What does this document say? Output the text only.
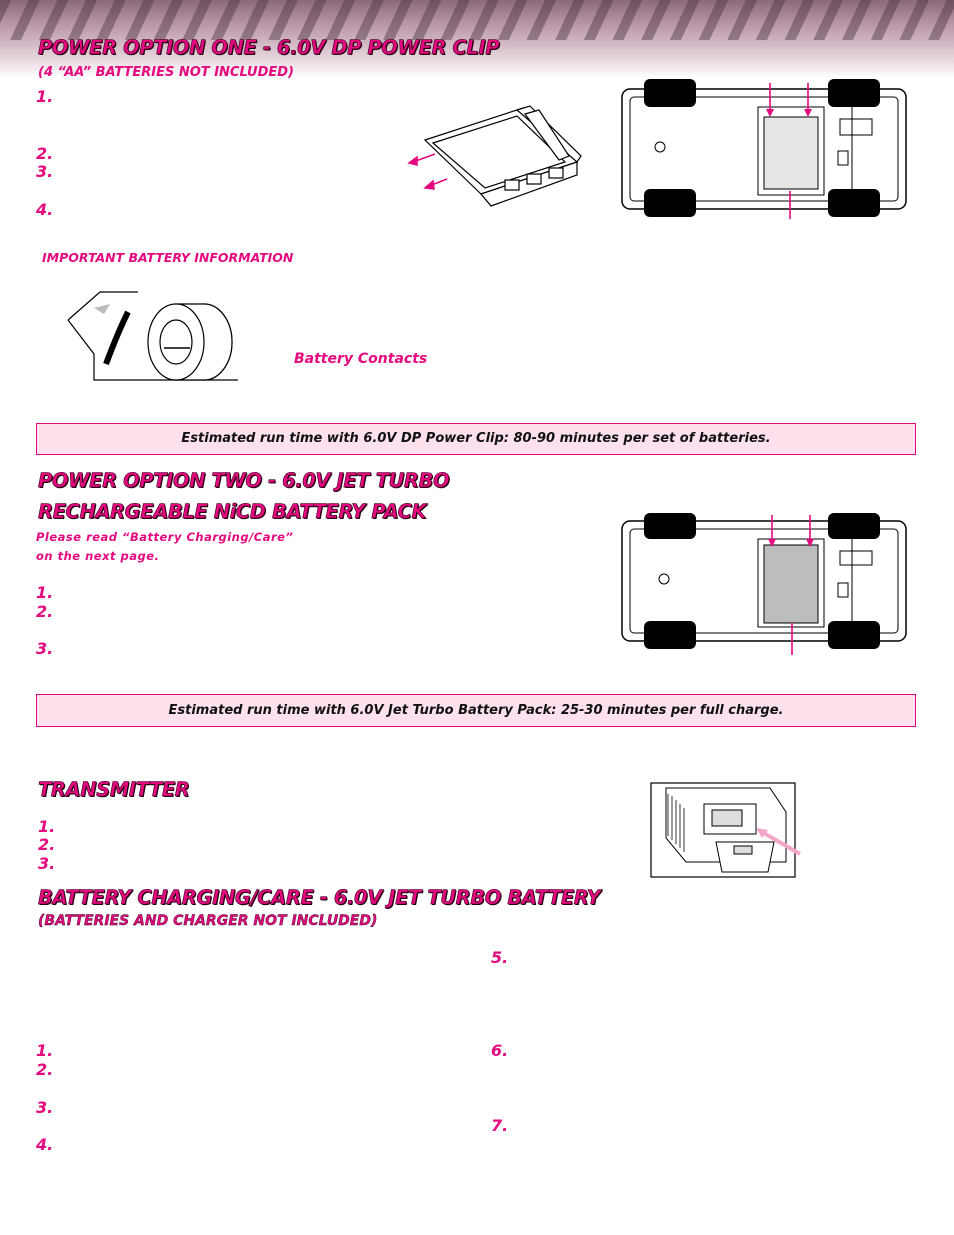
POWER OPTION ONE - 6.0V DP POWER CLIP
(4 “AA” BATTERIES NOT INCLUDED)
1.
2.
3.
4.
IMPORTANT BATTERY INFORMATION
Battery Contacts
Estimated run time with 6.0V DP Power Clip: 80-90 minutes per set of batteries.
POWER OPTION TWO - 6.0V JET TURBO
RECHARGEABLE NiCD BATTERY PACK
Please read “Battery Charging/Care”
on the next page.
1.
2.
3.
Estimated run time with 6.0V Jet Turbo Battery Pack: 25-30 minutes per full charge.
TRANSMITTER
1.
2.
3.
BATTERY CHARGING/CARE - 6.0V JET TURBO BATTERY
(BATTERIES AND CHARGER NOT INCLUDED)
1.
2.
3.
4.
5.
6.
7.
